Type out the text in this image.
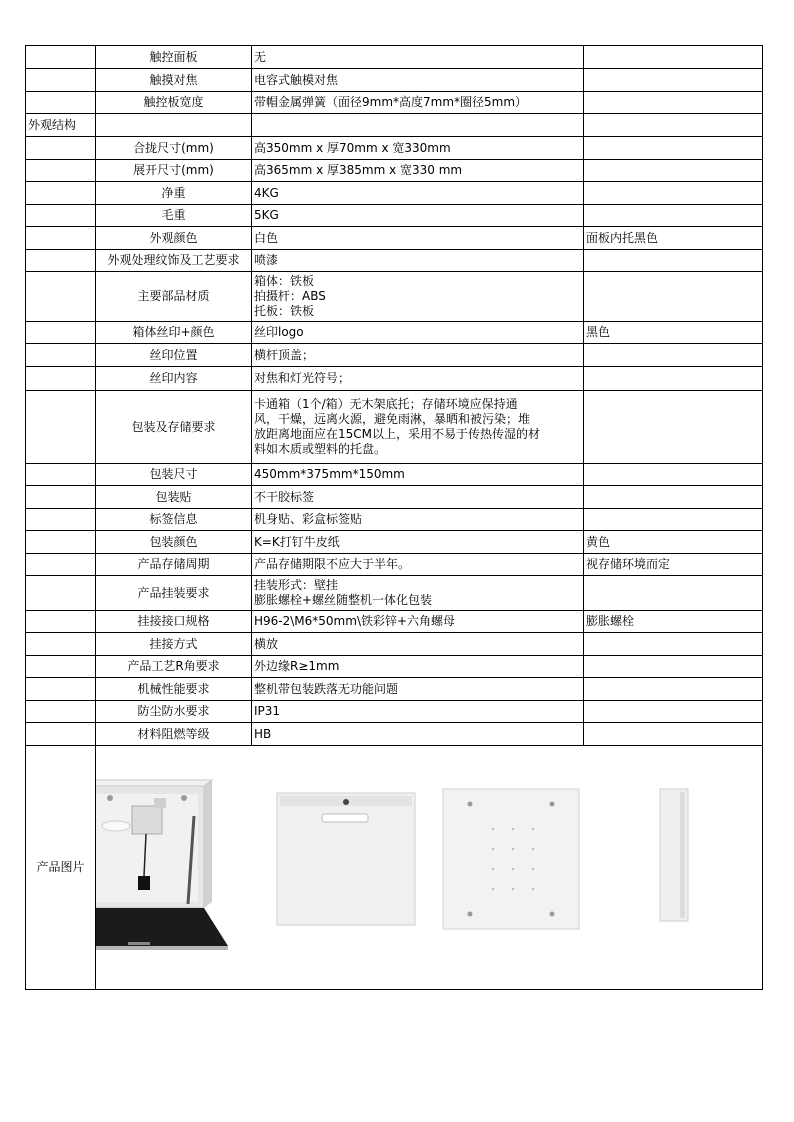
	触控面板	无	

	触摸对焦	电容式触模对焦	

	触控板宽度	带帽金属弹簧（面径9mm*高度7mm*圈径5mm）	

外观结构		

	合拢尺寸(mm)	高350mm x 厚70mm x 宽330mm	

	展开尺寸(mm)	高365mm x 厚385mm x 宽330 mm	

	净重	4KG	

	毛重	5KG	

	外观颜色	白色	面板内托黑色
	外观处理纹饰及工艺要求	喷漆	

	主要部品材质	箱体：铁板
拍摄杆：ABS
托板：铁板	

	箱体丝印+颜色	丝印logo	黑色
	丝印位置	横杆顶盖；	

	丝印内容	对焦和灯光符号；	

	包装及存储要求	卡通箱（1个/箱）无木架底托；存储环境应保持通
风，干燥，远离火源，避免雨淋，暴晒和被污染；堆
放距离地面应在15CM以上，采用不易于传热传湿的材
料如木质或塑料的托盘。	

	包装尺寸	450mm*375mm*150mm	

	包装贴	不干胶标签	

	标签信息	机身贴、彩盒标签贴	

	包装颜色	K=K打钉牛皮纸	黄色
	产品存储周期	产品存储期限不应大于半年。	视存储环境而定
	产品挂装要求	挂装形式：壁挂
膨胀螺栓+螺丝随整机一体化包装	

	挂接接口规格	H96-2\M6*50mm\铁彩锌+六角螺母	膨胀螺栓
	挂接方式	横放	

	产品工艺R角要求	外边缘R≥1mm	

	机械性能要求	整机带包装跌落无功能问题	

	防尘防水要求	IP31	

	材料阻燃等级	HB	

产品图片	
